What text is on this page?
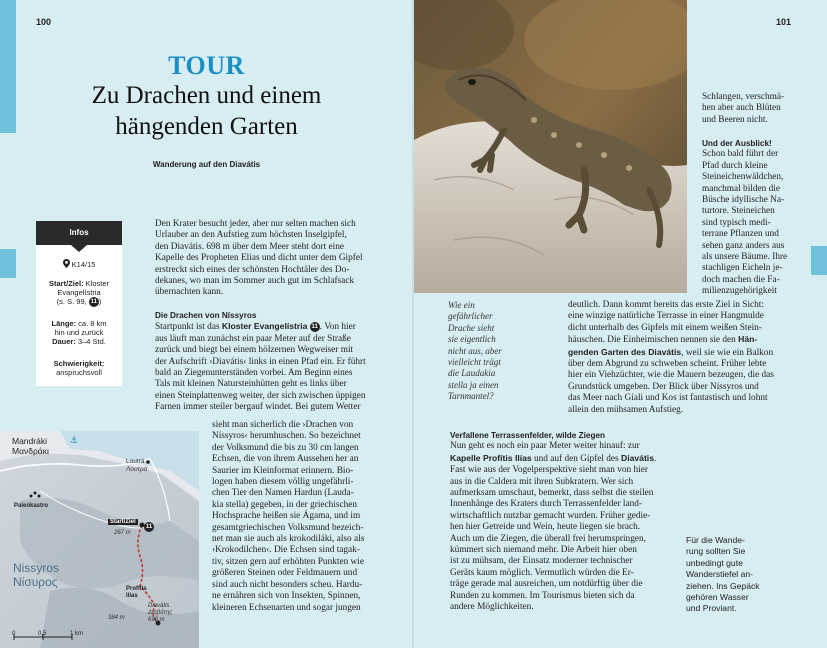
100	101
TOUR
Zu Drachen und einem
hängenden Garten
Wanderung auf den Diavátis
Infos
K14/15
Start/Ziel: Kloster
Evangelístria
(s. S. 99, 11 )
Länge: ca. 8 km
hin und zurück
Dauer: 3–4 Std.
Schwierigkeit:
anspruchsvoll
Den Krater besucht jeder, aber nur selten machen sich
Urlauber an den Aufstieg zum höchsten Inselgipfel,
den Diavátis. 698 m über dem Meer steht dort eine
Kapelle des Propheten Elias und dicht unter dem Gipfel
erstreckt sich eines der schönsten Hochtäler des Do-
dekanes, wo man im Sommer auch gut im Schlafsack
übernachten kann.
Die Drachen von Níssyros
Startpunkt ist das Kloster Evangelístria 11 . Von hier
aus läuft man zunächst ein paar Meter auf der Straße
zurück und biegt bei einem hölzernen Wegweiser mit
der Aufschrift ›Diavátis‹ links in einen Pfad ein. Er führt
bald an Ziegenunterständen vorbei. Am Beginn eines
Tals mit kleinen Natursteinhütten geht es links über
einen Steinplattenweg weiter, der sich zwischen üppigen
Farnen immer steiler bergauf windet. Bei gutem Wetter
sieht man sicherlich die ›Drachen von
Níssyros‹ herumhuschen. So bezeichnet
der Volksmund die bis zu 30 cm langen
Echsen, die von ihrem Aussehen her an
Saurier im Kleinformat erinnern. Bio-
logen haben diesem völlig ungefährli-
chen Tier den Namen Hardun (Lauda-
kia stella) gegeben, in der griechischen
Hochsprache heißen sie Ágama, und im
gesamtgriechischen Volksmund bezeich-
net man sie auch als krokodiláki, also als
›Krokodilchen‹. Die Echsen sind tagak-
tiv, sitzen gern auf erhöhten Punkten wie
größeren Steinen oder Feldmauern und
sind auch nicht besonders scheu. Hardu-
ne ernähren sich von Insekten, Spinnen,
kleineren Echsenarten und sogar jungen
⚓
Mandráki
Μανδράκι
Loutrá
Λουτρά
Paleókastro
Start/Ziel
11
267 m
Nissyros
Νίσυρος	Profítis
Ilías
Diavátis
Διαβάτης
698 m
384 m
0	0,5	1 km
Wie ein
gefährlicher
Drache sieht
sie eigentlich
nicht aus, aber
vielleicht trägt
die Laudakia
stella ja einen
Tarnmantel?
Schlangen, verschmä-
hen aber auch Blüten
und Beeren nicht.
Und der Ausblick!
Schon bald führt der
Pfad durch kleine
Steineichenwäldchen,
manchmal bilden die
Büsche idyllische Na-
turtore. Steineichen
sind typisch medi-
terrane Pflanzen und
sehen ganz anders aus
als unsere Bäume. Ihre
stachligen Eicheln je-
doch machen die Fa-
milienzugehörigkeit
deutlich. Dann kommt bereits das erste Ziel in Sicht:
eine winzige natürliche Terrasse in einer Hangmulde
dicht unterhalb des Gipfels mit einem weißen Stein-
häuschen. Die Einheimischen nennen sie den Hän-
genden Garten des Diavátis, weil sie wie ein Balkon
über dem Abgrund zu schweben scheint. Früher lebte
hier ein Viehzüchter, wie die Mauern bezeugen, die das
Grundstück umgeben. Der Blick über Níssyros und
das Meer nach Giali und Kos ist fantastisch und lohnt
allein den mühsamen Aufstieg.
Verfallene Terrassenfelder, wilde Ziegen
Nun geht es noch ein paar Meter weiter hinauf: zur
Kapelle Profítis Ilías und auf den Gipfel des Diavátis.
Fast wie aus der Vogelperspektive sieht man von hier
aus in die Caldera mit ihren Subkratern. Wer sich
aufmerksam umschaut, bemerkt, dass selbst die steilen
Innenhänge des Kraters durch Terrassenfelder land-
wirtschaftlich nutzbar gemacht wurden. Früher gedie-
hen hier Getreide und Wein, heute liegen sie brach.
Auch um die Ziegen, die überall frei herumspringen,
kümmert sich niemand mehr. Die Arbeit hier oben
ist zu mühsam, der Einsatz moderner technischer
Geräts kaum möglich. Vermutlich würden die Er-
träge gerade mal ausreichen, um notdürftig über die
Runden zu kommen. Im Tourismus bieten sich da
andere Möglichkeiten.
Für die Wande-
rung sollten Sie
unbedingt gute
Wanderstiefel an-
ziehen. Ins Gepäck
gehören Wasser
und Proviant.
